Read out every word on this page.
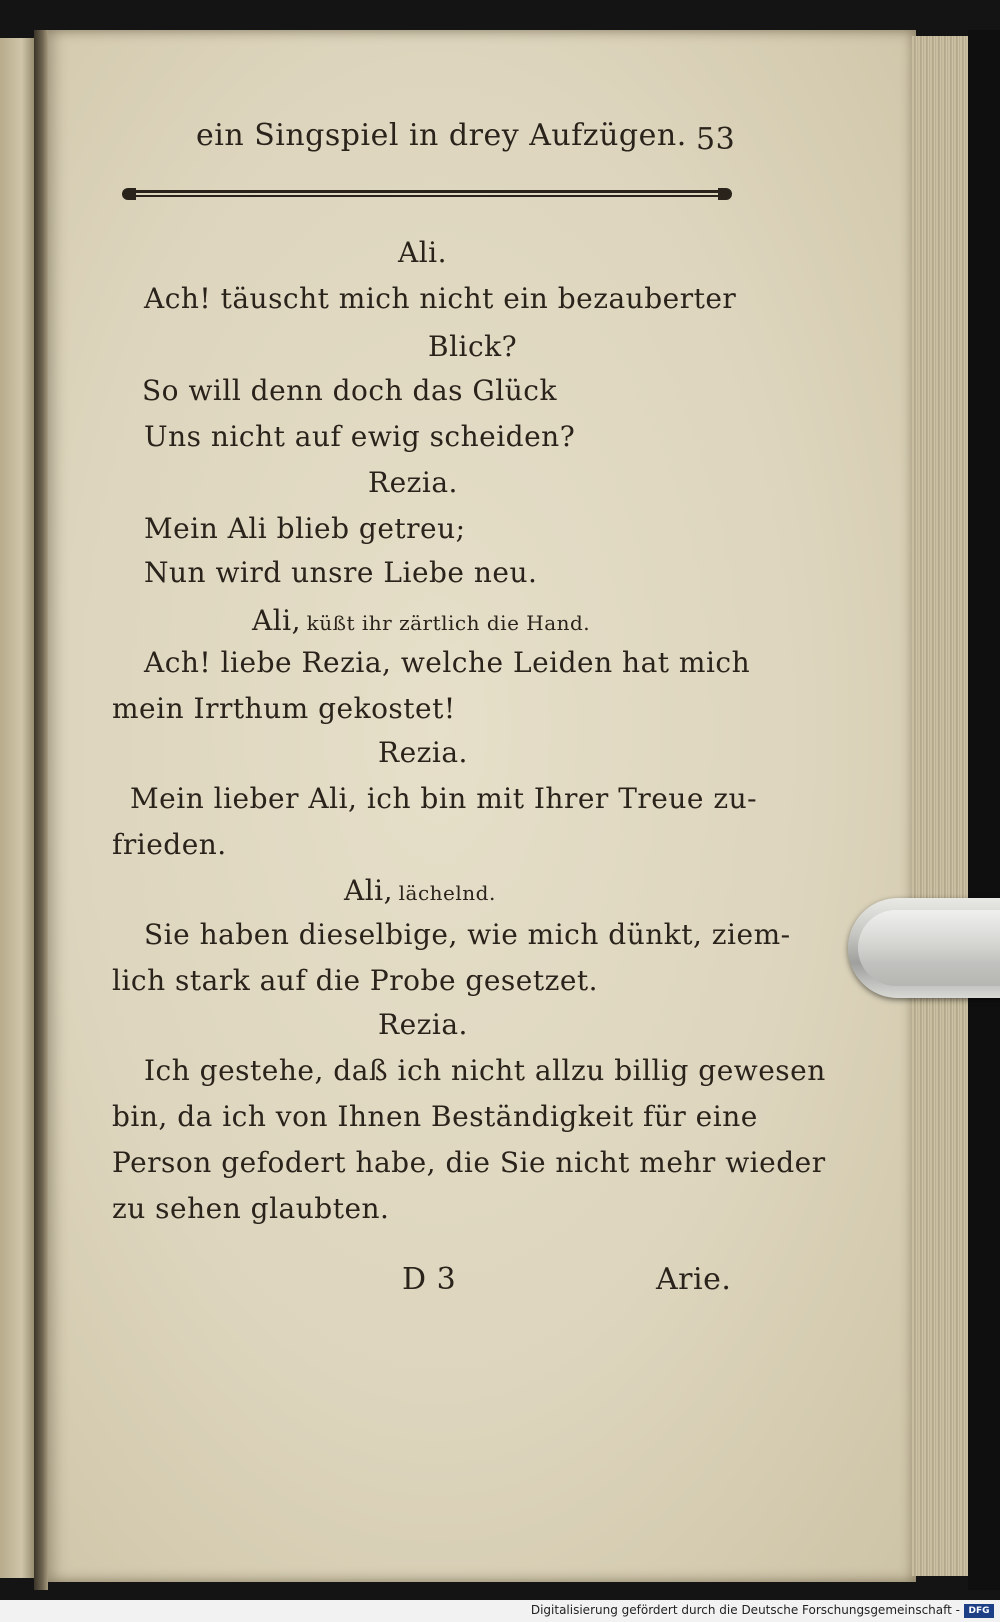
ein Singspiel in drey Aufzügen. 53
Ali.
Ach! täuscht mich nicht ein bezauberter
Blick?
So will denn doch das Glück
Uns nicht auf ewig scheiden?
Rezia.
Mein Ali blieb getreu;
Nun wird unsre Liebe neu.
Ali, küßt ihr zärtlich die Hand.
Ach! liebe Rezia, welche Leiden hat mich
mein Irrthum gekostet!
Rezia.
Mein lieber Ali, ich bin mit Ihrer Treue zu-
frieden.
Ali, lächelnd.
Sie haben dieselbige, wie mich dünkt, ziem-
lich stark auf die Probe gesetzet.
Rezia.
Ich gestehe, daß ich nicht allzu billig gewesen
bin, da ich von Ihnen Beständigkeit für eine
Person gefodert habe, die Sie nicht mehr wieder
zu sehen glaubten.
D 3	Arie.
Digitalisierung gefördert durch die Deutsche Forschungsgemeinschaft - DFG
